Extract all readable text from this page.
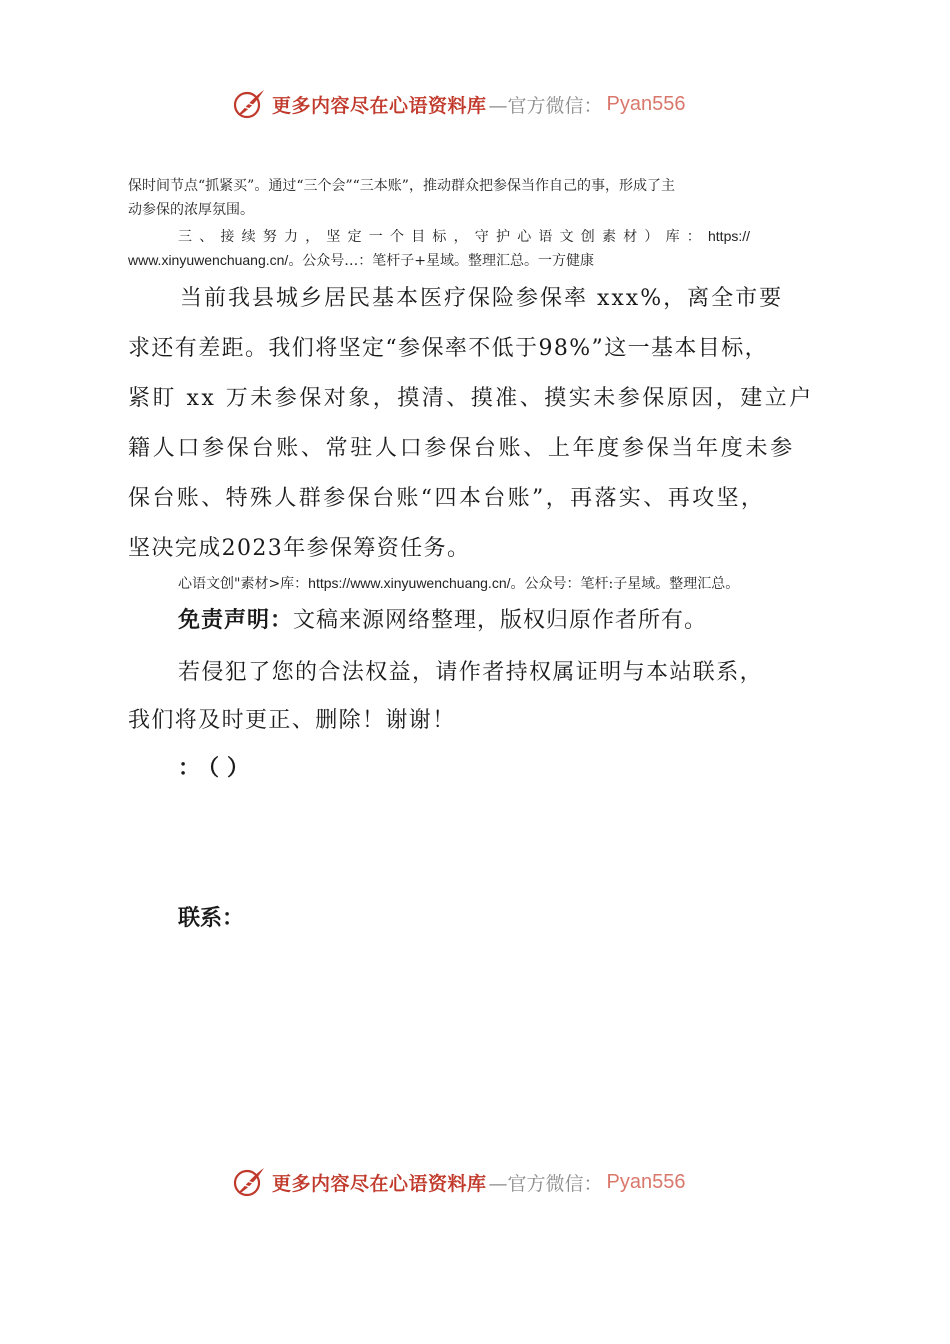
更多内容尽在心语资料库 —官方微信： Pyan556
保时间节点“抓紧买”。通过“三个会”“三本账”，推动群众把参保当作自己的事，形成了主
动参保的浓厚氛围。
三、接续努力，坚定一个目标，守护心语文创素材）库：https://
www.xinyuwenchuang.cn/。公众号…：笔杆子+星域。整理汇总。一方健康
当前我县城乡居民基本医疗保险参保率 xxx%，离全市要
求还有差距。我们将坚定“参保率不低于98%”这一基本目标，
紧盯 xx 万未参保对象，摸清、摸准、摸实未参保原因，建立户
籍人口参保台账、常驻人口参保台账、上年度参保当年度未参
保台账、特殊人群参保台账“四本台账”，再落实、再攻坚，
坚决完成2023年参保筹资任务。
心语文创"素材>库：https://www.xinyuwenchuang.cn/。公众号：笔杆:子星域。整理汇总。
免责声明：文稿来源网络整理，版权归原作者所有。
若侵犯了您的合法权益，请作者持权属证明与本站联系，
我们将及时更正、删除！谢谢！
：（）
联系：
更多内容尽在心语资料库 —官方微信： Pyan556
